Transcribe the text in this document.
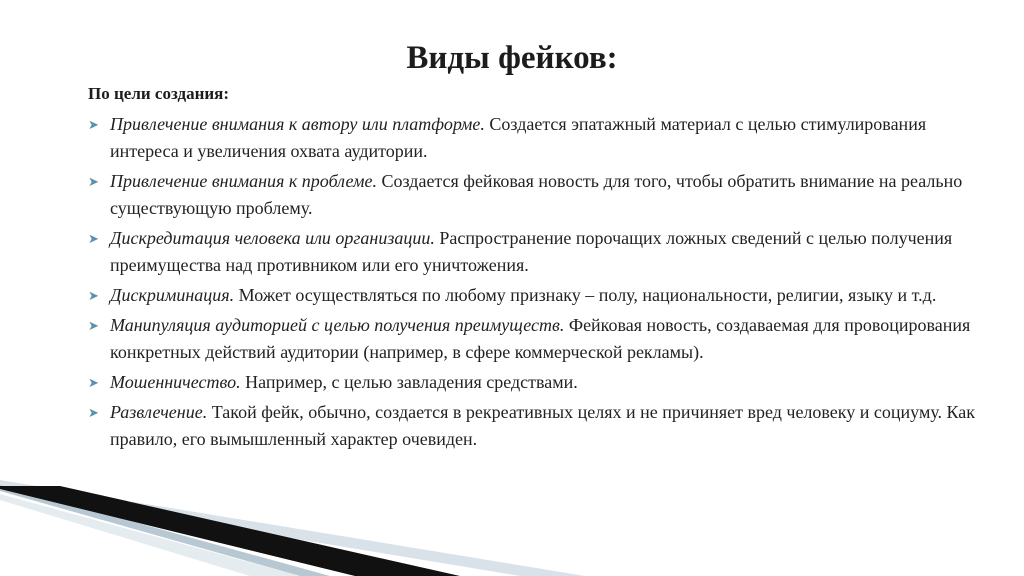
Виды фейков:
По цели создания:
➤ Привлечение внимания к автору или платформе. Создается эпатажный материал с целью стимулирования интереса и увеличения охвата аудитории.
➤ Привлечение внимания к проблеме. Создается фейковая новость для того, чтобы обратить внимание на реально существующую проблему.
➤ Дискредитация человека или организации. Распространение порочащих ложных сведений с целью получения преимущества над противником или его уничтожения.
➤ Дискриминация. Может осуществляться по любому признаку – полу, национальности, религии, языку и т.д.
➤ Манипуляция аудиторией с целью получения преимуществ. Фейковая новость, создаваемая для провоцирования конкретных действий аудитории (например, в сфере коммерческой рекламы).
➤ Мошенничество. Например, с целью завладения средствами.
➤ Развлечение. Такой фейк, обычно, создается в рекреативных целях и не причиняет вред человеку и социуму. Как правило, его вымышленный характер очевиден.
